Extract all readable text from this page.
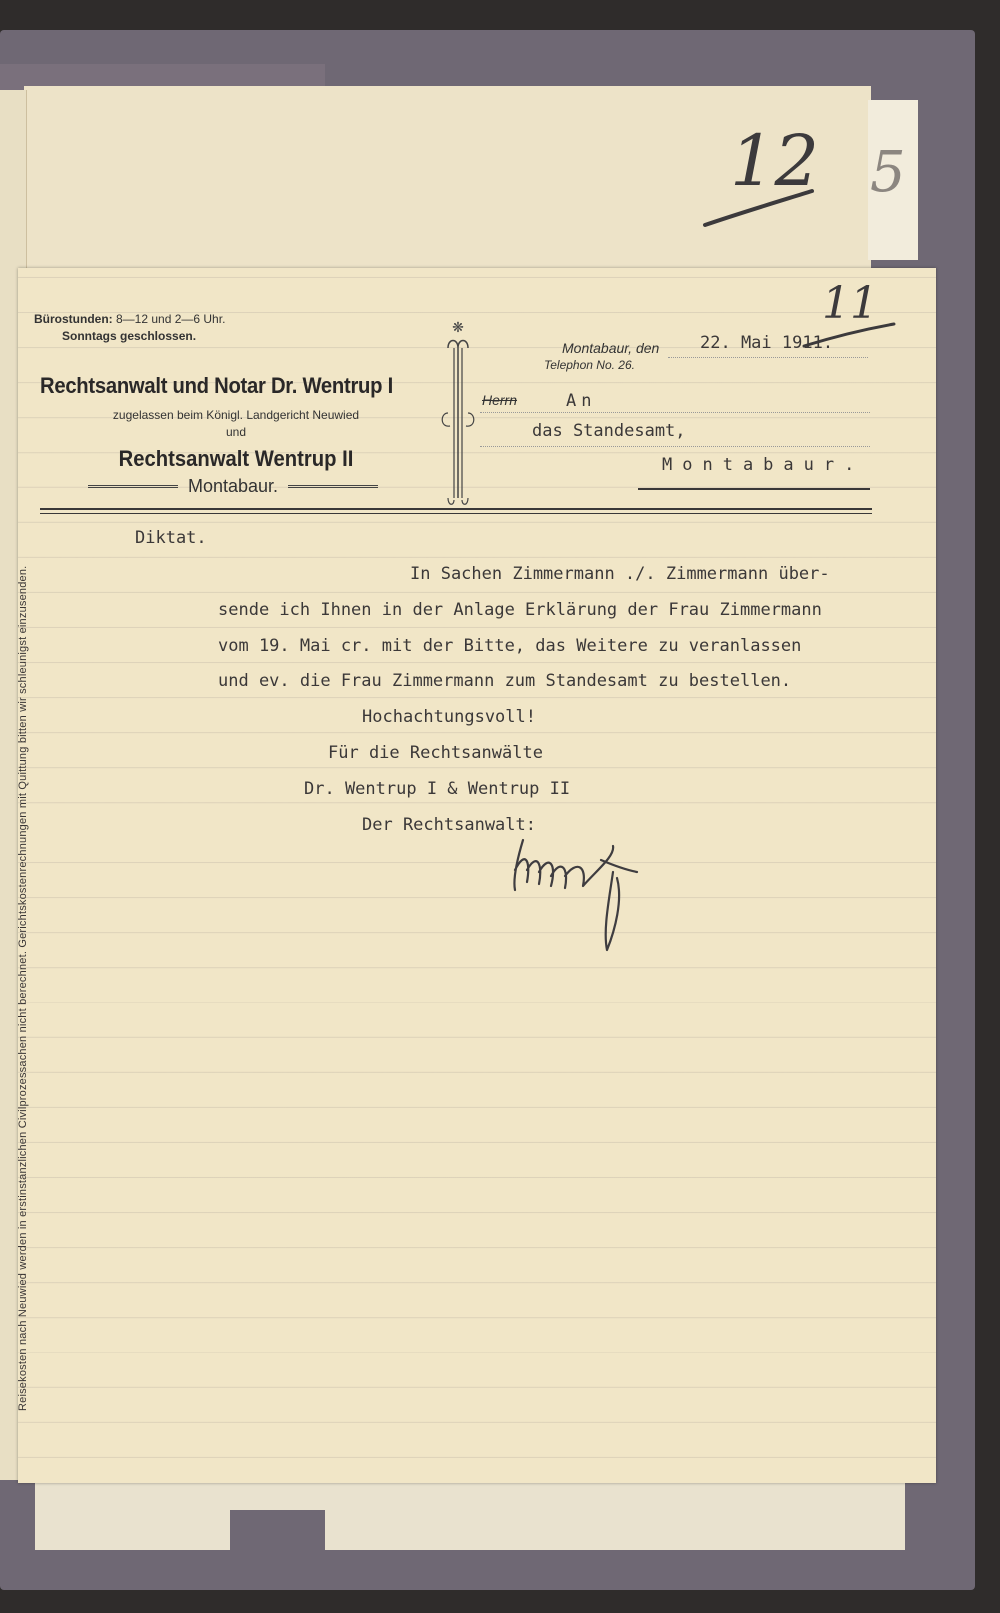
5
12
11
Reisekosten nach Neuwied werden in erstinstanzlichen Civilprozessachen nicht berechnet. Gerichtskostenrechnungen mit Quittung bitten wir schleunigst einzusenden.
Bürostunden: 8—12 und 2—6 Uhr.
Sonntags geschlossen.
Rechtsanwalt und Notar Dr. Wentrup I
zugelassen beim Königl. Landgericht Neuwied
und
Rechtsanwalt Wentrup II
Montabaur.
❋
Montabaur, den 22. Mai 1911.
Telephon No. 26.
Herrn	An
das Standesamt,
Montabaur.
Diktat.
In Sachen Zimmermann ./. Zimmermann über-
sende ich Ihnen in der Anlage Erklärung der Frau Zimmermann
vom 19. Mai cr. mit der Bitte, das Weitere zu veranlassen
und ev. die Frau Zimmermann zum Standesamt zu bestellen.
Hochachtungsvoll!
Für die Rechtsanwälte
Dr. Wentrup I & Wentrup II
Der Rechtsanwalt:
